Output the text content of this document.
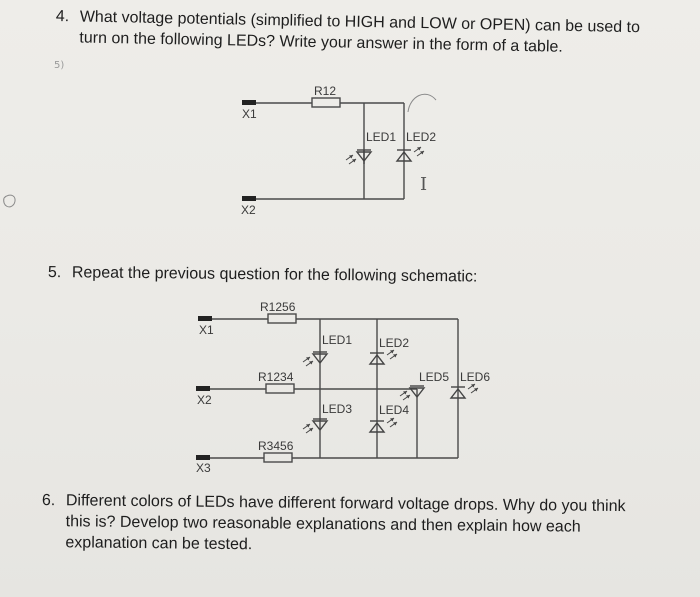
4. What voltage potentials (simplified to HIGH and LOW or OPEN) can be used to
turn on the following LEDs? Write your answer in the form of a table.
5. Repeat the previous question for the following schematic:
6. Different colors of LEDs have different forward voltage drops. Why do you think
this is? Develop two reasonable explanations and then explain how each
explanation can be tested.
X1
X2
R12
LED1 LED2
I
5)
X1
X2
X3
R1256
R1234
R3456
LED1 LED2
LED3 LED4
LED5 LED6
